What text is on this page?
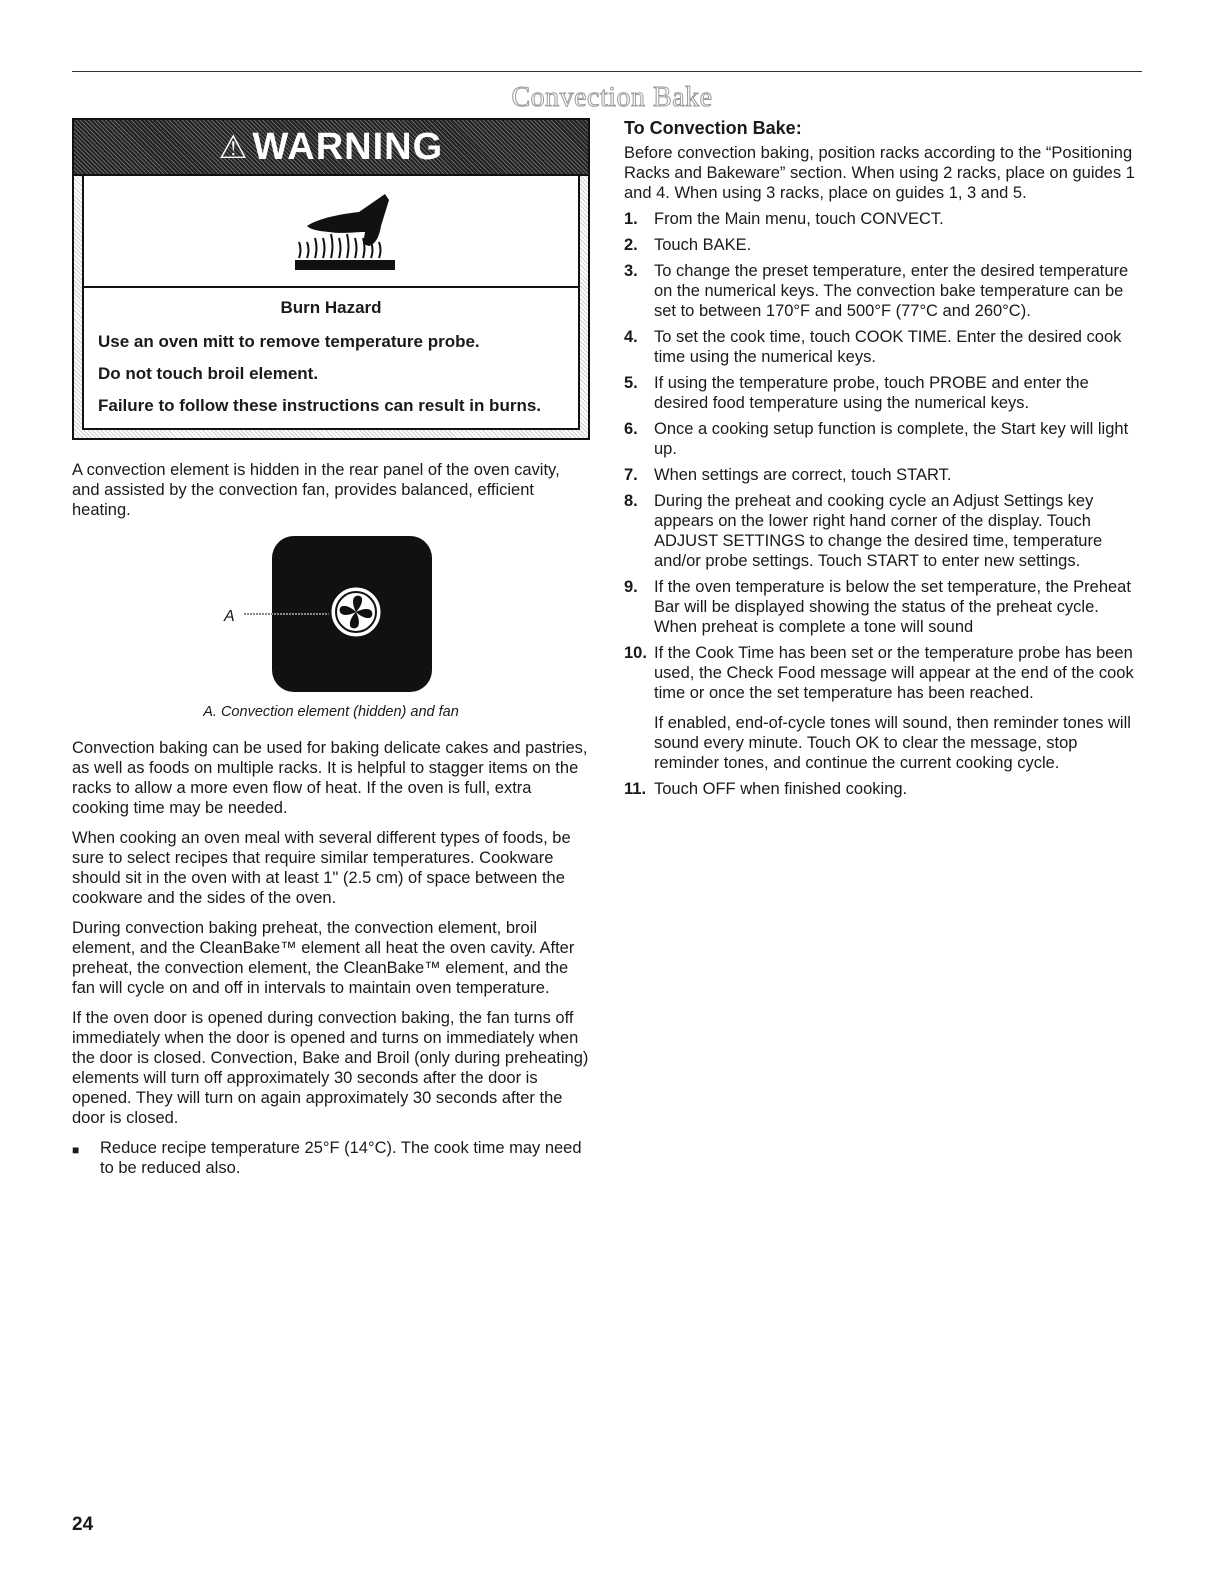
Convection Bake
⚠ WARNING
Burn Hazard

Use an oven mitt to remove temperature probe.

Do not touch broil element.

Failure to follow these instructions can result in burns.

A convection element is hidden in the rear panel of the oven cavity, and assisted by the convection fan, provides balanced, efficient heating.

A

A. Convection element (hidden) and fan

Convection baking can be used for baking delicate cakes and pastries, as well as foods on multiple racks. It is helpful to stagger items on the racks to allow a more even flow of heat. If the oven is full, extra cooking time may be needed.

When cooking an oven meal with several different types of foods, be sure to select recipes that require similar temperatures. Cookware should sit in the oven with at least 1" (2.5 cm) of space between the cookware and the sides of the oven.

During convection baking preheat, the convection element, broil element, and the CleanBake™ element all heat the oven cavity. After preheat, the convection element, the CleanBake™ element, and the fan will cycle on and off in intervals to maintain oven temperature.

If the oven door is opened during convection baking, the fan turns off immediately when the door is opened and turns on immediately when the door is closed. Convection, Bake and Broil (only during preheating) elements will turn off approximately 30 seconds after the door is opened. They will turn on again approximately 30 seconds after the door is closed.

■	Reduce recipe temperature 25°F (14°C). The cook time may need to be reduced also.
To Convection Bake:

Before convection baking, position racks according to the “Positioning Racks and Bakeware” section. When using 2 racks, place on guides 1 and 4. When using 3 racks, place on guides 1, 3 and 5.

1. From the Main menu, touch CONVECT.

2. Touch BAKE.

3. To change the preset temperature, enter the desired temperature on the numerical keys. The convection bake temperature can be set to between 170°F and 500°F (77°C and 260°C).

4. To set the cook time, touch COOK TIME. Enter the desired cook time using the numerical keys.

5. If using the temperature probe, touch PROBE and enter the desired food temperature using the numerical keys.

6. Once a cooking setup function is complete, the Start key will light up.

7. When settings are correct, touch START.

8. During the preheat and cooking cycle an Adjust Settings key appears on the lower right hand corner of the display. Touch ADJUST SETTINGS to change the desired time, temperature and/or probe settings. Touch START to enter new settings.

9. If the oven temperature is below the set temperature, the Preheat Bar will be displayed showing the status of the preheat cycle. When preheat is complete a tone will sound

10. If the Cook Time has been set or the temperature probe has been used, the Check Food message will appear at the end of the cook time or once the set temperature has been reached.

If enabled, end-of-cycle tones will sound, then reminder tones will sound every minute. Touch OK to clear the message, stop reminder tones, and continue the current cooking cycle.

11. Touch OFF when finished cooking.

24
